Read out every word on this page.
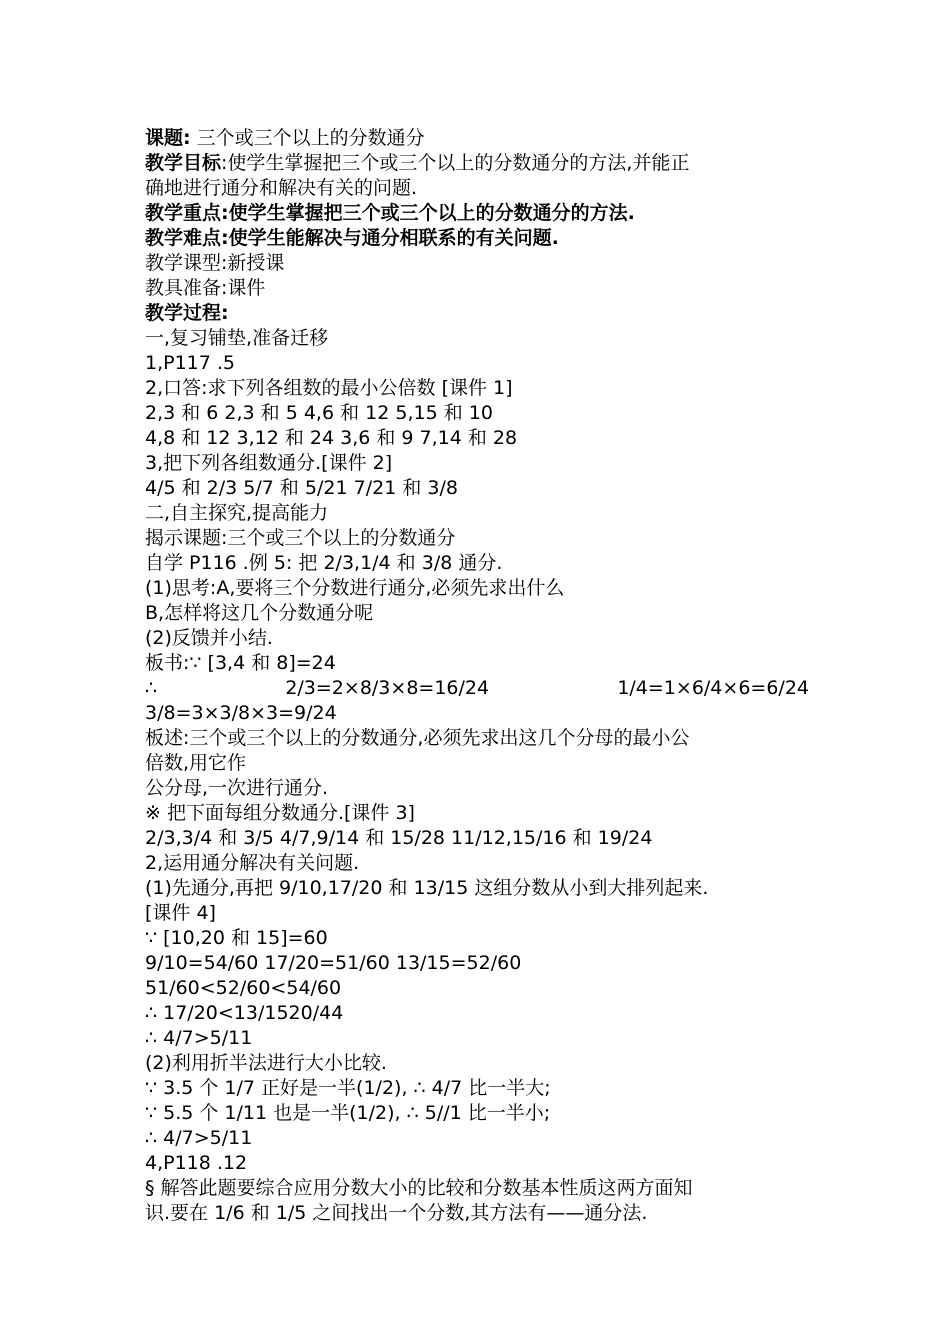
课题: 三个或三个以上的分数通分
教学目标:使学生掌握把三个或三个以上的分数通分的方法,并能正
确地进行通分和解决有关的问题.
教学重点:使学生掌握把三个或三个以上的分数通分的方法.
教学难点:使学生能解决与通分相联系的有关问题.
教学课型:新授课
教具准备:课件
教学过程:
一,复习铺垫,准备迁移
1,P117 .5
2,口答:求下列各组数的最小公倍数 [课件 1]
2,3 和 6 2,3 和 5 4,6 和 12 5,15 和 10
4,8 和 12 3,12 和 24 3,6 和 9 7,14 和 28
3,把下列各组数通分.[课件 2]
4/5 和 2/3 5/7 和 5/21 7/21 和 3/8
二,自主探究,提高能力
揭示课题:三个或三个以上的分数通分
自学 P116 .例 5: 把 2/3,1/4 和 3/8 通分.
(1)思考:A,要将三个分数进行通分,必须先求出什么
B,怎样将这几个分数通分呢
(2)反馈并小结.
板书:∵ [3,4 和 8]=24
∴	2/3=2×8/3×8=16/24	1/4=1×6/4×6=6/24
3/8=3×3/8×3=9/24
板述:三个或三个以上的分数通分,必须先求出这几个分母的最小公
倍数,用它作
公分母,一次进行通分.
※ 把下面每组分数通分.[课件 3]
2/3,3/4 和 3/5 4/7,9/14 和 15/28 11/12,15/16 和 19/24
2,运用通分解决有关问题.
(1)先通分,再把 9/10,17/20 和 13/15 这组分数从小到大排列起来.
[课件 4]
∵ [10,20 和 15]=60
9/10=54/60 17/20=51/60 13/15=52/60
51/60<52/60<54/60
∴ 17/20<13/1520/44
∴ 4/7>5/11
(2)利用折半法进行大小比较.
∵ 3.5 个 1/7 正好是一半(1/2), ∴ 4/7 比一半大;
∵ 5.5 个 1/11 也是一半(1/2), ∴ 5//1 比一半小;
∴ 4/7>5/11
4,P118 .12
§ 解答此题要综合应用分数大小的比较和分数基本性质这两方面知
识.要在 1/6 和 1/5 之间找出一个分数,其方法有——通分法.
